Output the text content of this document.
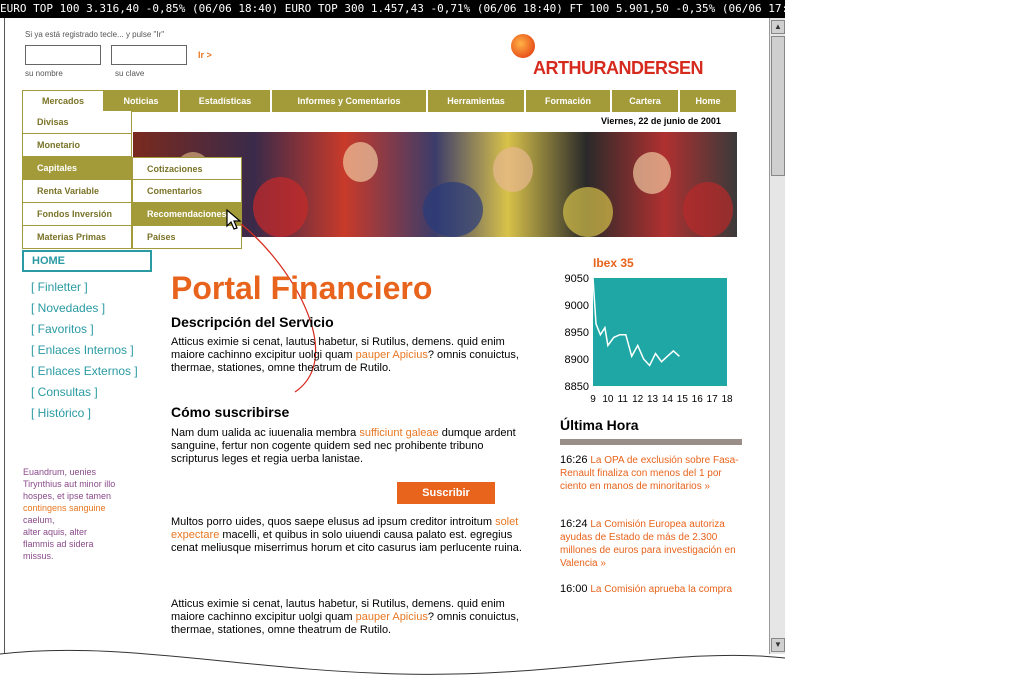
EURO TOP 100 3.316,40 -0,85% (06/06 18:40) EURO TOP 300 1.457,43 -0,71% (06/06 18:40) FT 100 5.901,50 -0,35% (06/06 17:37) NIKKEI 1.345,01 +1,47% (06/06 17
Si ya está registrado tecle... y pulse "Ir"
su nombre	su clave
Ir >
ARTHURANDERSEN
Mercados	Noticias	Estadísticas	Informes y Comentarios	Herramientas	Formación	Cartera	Home
Viernes, 22 de junio de 2001
Divisas
Monetario
Capitales
Renta Variable
Fondos Inversión
Materias Primas
Cotizaciones
Comentarios
Recomendaciones
Países
HOME
[ Finletter ]
[ Novedades ]
[ Favoritos ]
[ Enlaces Internos ]
[ Enlaces Externos ]
[ Consultas ]
[ Histórico ]
Euandrum, uenies
Tirynthius aut minor illo
hospes, et ipse tamen
contingens sanguine
caelum,
alter aquis, alter
flammis ad sidera
missus.
Portal Financiero
Descripción del Servicio
Atticus eximie si cenat, lautus habetur, si Rutilus, demens. quid enim maiore cachinno excipitur uolgi quam pauper Apicius? omnis conuictus, thermae, stationes, omne theatrum de Rutilo.
Cómo suscribirse
Nam dum ualida ac iuuenalia membra sufficiunt galeae dumque ardent sanguine, fertur non cogente quidem sed nec prohibente tribuno scripturus leges et regia uerba lanistae.
Suscribir
Multos porro uides, quos saepe elusus ad ipsum creditor introitum solet expectare macelli, et quibus in solo uiuendi causa palato est. egregius cenat meliusque miserrimus horum et cito casurus iam perlucente ruina.
Atticus eximie si cenat, lautus habetur, si Rutilus, demens. quid enim maiore cachinno excipitur uolgi quam pauper Apicius? omnis conuictus, thermae, stationes, omne theatrum de Rutilo.
Ibex 35
9050
9000
8950
8900
8850
9 10 11 12 13 14 15 16 17 18
Última Hora
16:26 La OPA de exclusión sobre Fasa-Renault finaliza con menos del 1 por ciento en manos de minoritarios »
16:24 La Comisión Europea autoriza ayudas de Estado de más de 2.300 millones de euros para investigación en Valencia »
16:00 La Comisión aprueba la compra
▲
▼
